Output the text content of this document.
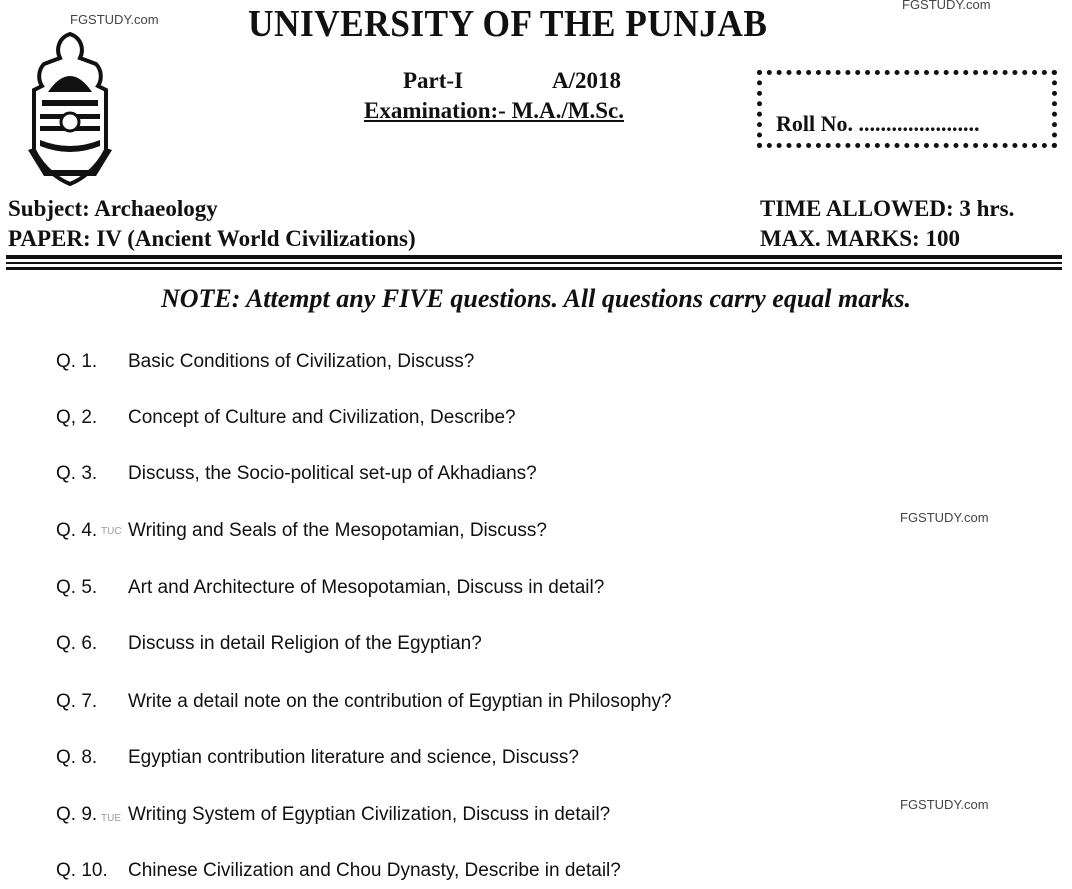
FGSTUDY.com
FGSTUDY.com
FGSTUDY.com
FGSTUDY.com
TUC
TUE
UNIVERSITY OF THE PUNJAB
Part-I	A/2018
Examination:- M.A./M.Sc.
Roll No. ......................
Subject: Archaeology
PAPER: IV (Ancient World Civilizations)
TIME ALLOWED: 3 hrs.
MAX. MARKS: 100
NOTE: Attempt any FIVE questions. All questions carry equal marks.
Q. 1. Basic Conditions of Civilization, Discuss?
Q, 2. Concept of Culture and Civilization, Describe?
Q. 3. Discuss, the Socio-political set-up of Akhadians?
Q. 4. Writing and Seals of the Mesopotamian, Discuss?
Q. 5. Art and Architecture of Mesopotamian, Discuss in detail?
Q. 6. Discuss in detail Religion of the Egyptian?
Q. 7. Write a detail note on the contribution of Egyptian in Philosophy?
Q. 8. Egyptian contribution literature and science, Discuss?
Q. 9. Writing System of Egyptian Civilization, Discuss in detail?
Q. 10. Chinese Civilization and Chou Dynasty, Describe in detail?
